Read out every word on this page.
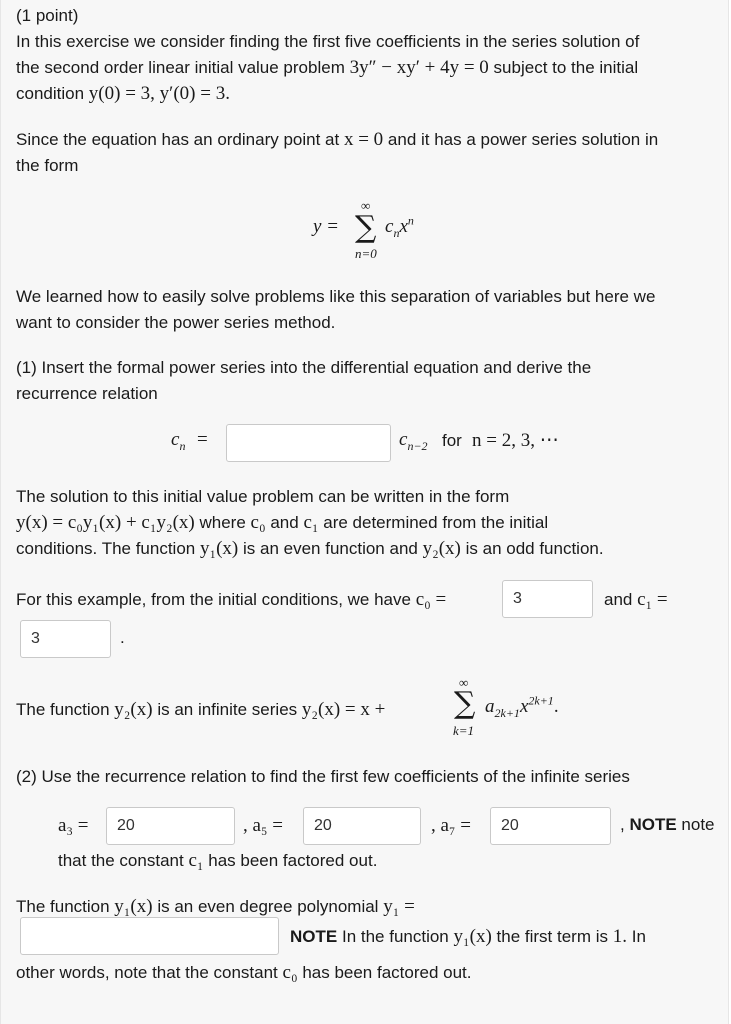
(1 point)
In this exercise we consider finding the first five coefficients in the series solution of
the second order linear initial value problem 3y″ − xy′ + 4y = 0 subject to the initial
condition y(0) = 3, y′(0) = 3.
Since the equation has an ordinary point at x = 0 and it has a power series solution in
the form
y =
∞
∑
n=0
$c_nx^n$
We learned how to easily solve problems like this separation of variables but here we
want to consider the power series method.
(1) Insert the formal power series into the differential equation and derive the
recurrence relation
$c_n$ =	$c_{n-2}$ for n = 2, 3, ⋯
The solution to this initial value problem can be written in the form
y(x) = c₀y₁(x) + c₁y₂(x) where c₀ and c₁ are determined from the initial
conditions. The function y₁(x) is an even function and y₂(x) is an odd function.
For this example, from the initial conditions, we have c₀ =	3	and c₁ =
3	.
The function y₂(x) is an infinite series y₂(x) = x +
∞
∑
k=1
$a_{2k+1}x^{2k+1}$.
(2) Use the recurrence relation to find the first few coefficients of the infinite series
a₃ =	20	, a₅ =	20	, a₇ =	20	, NOTE note
that the constant c₁ has been factored out.
The function y₁(x) is an even degree polynomial y₁ =
NOTE In the function y₁(x) the first term is 1. In
other words, note that the constant c₀ has been factored out.
